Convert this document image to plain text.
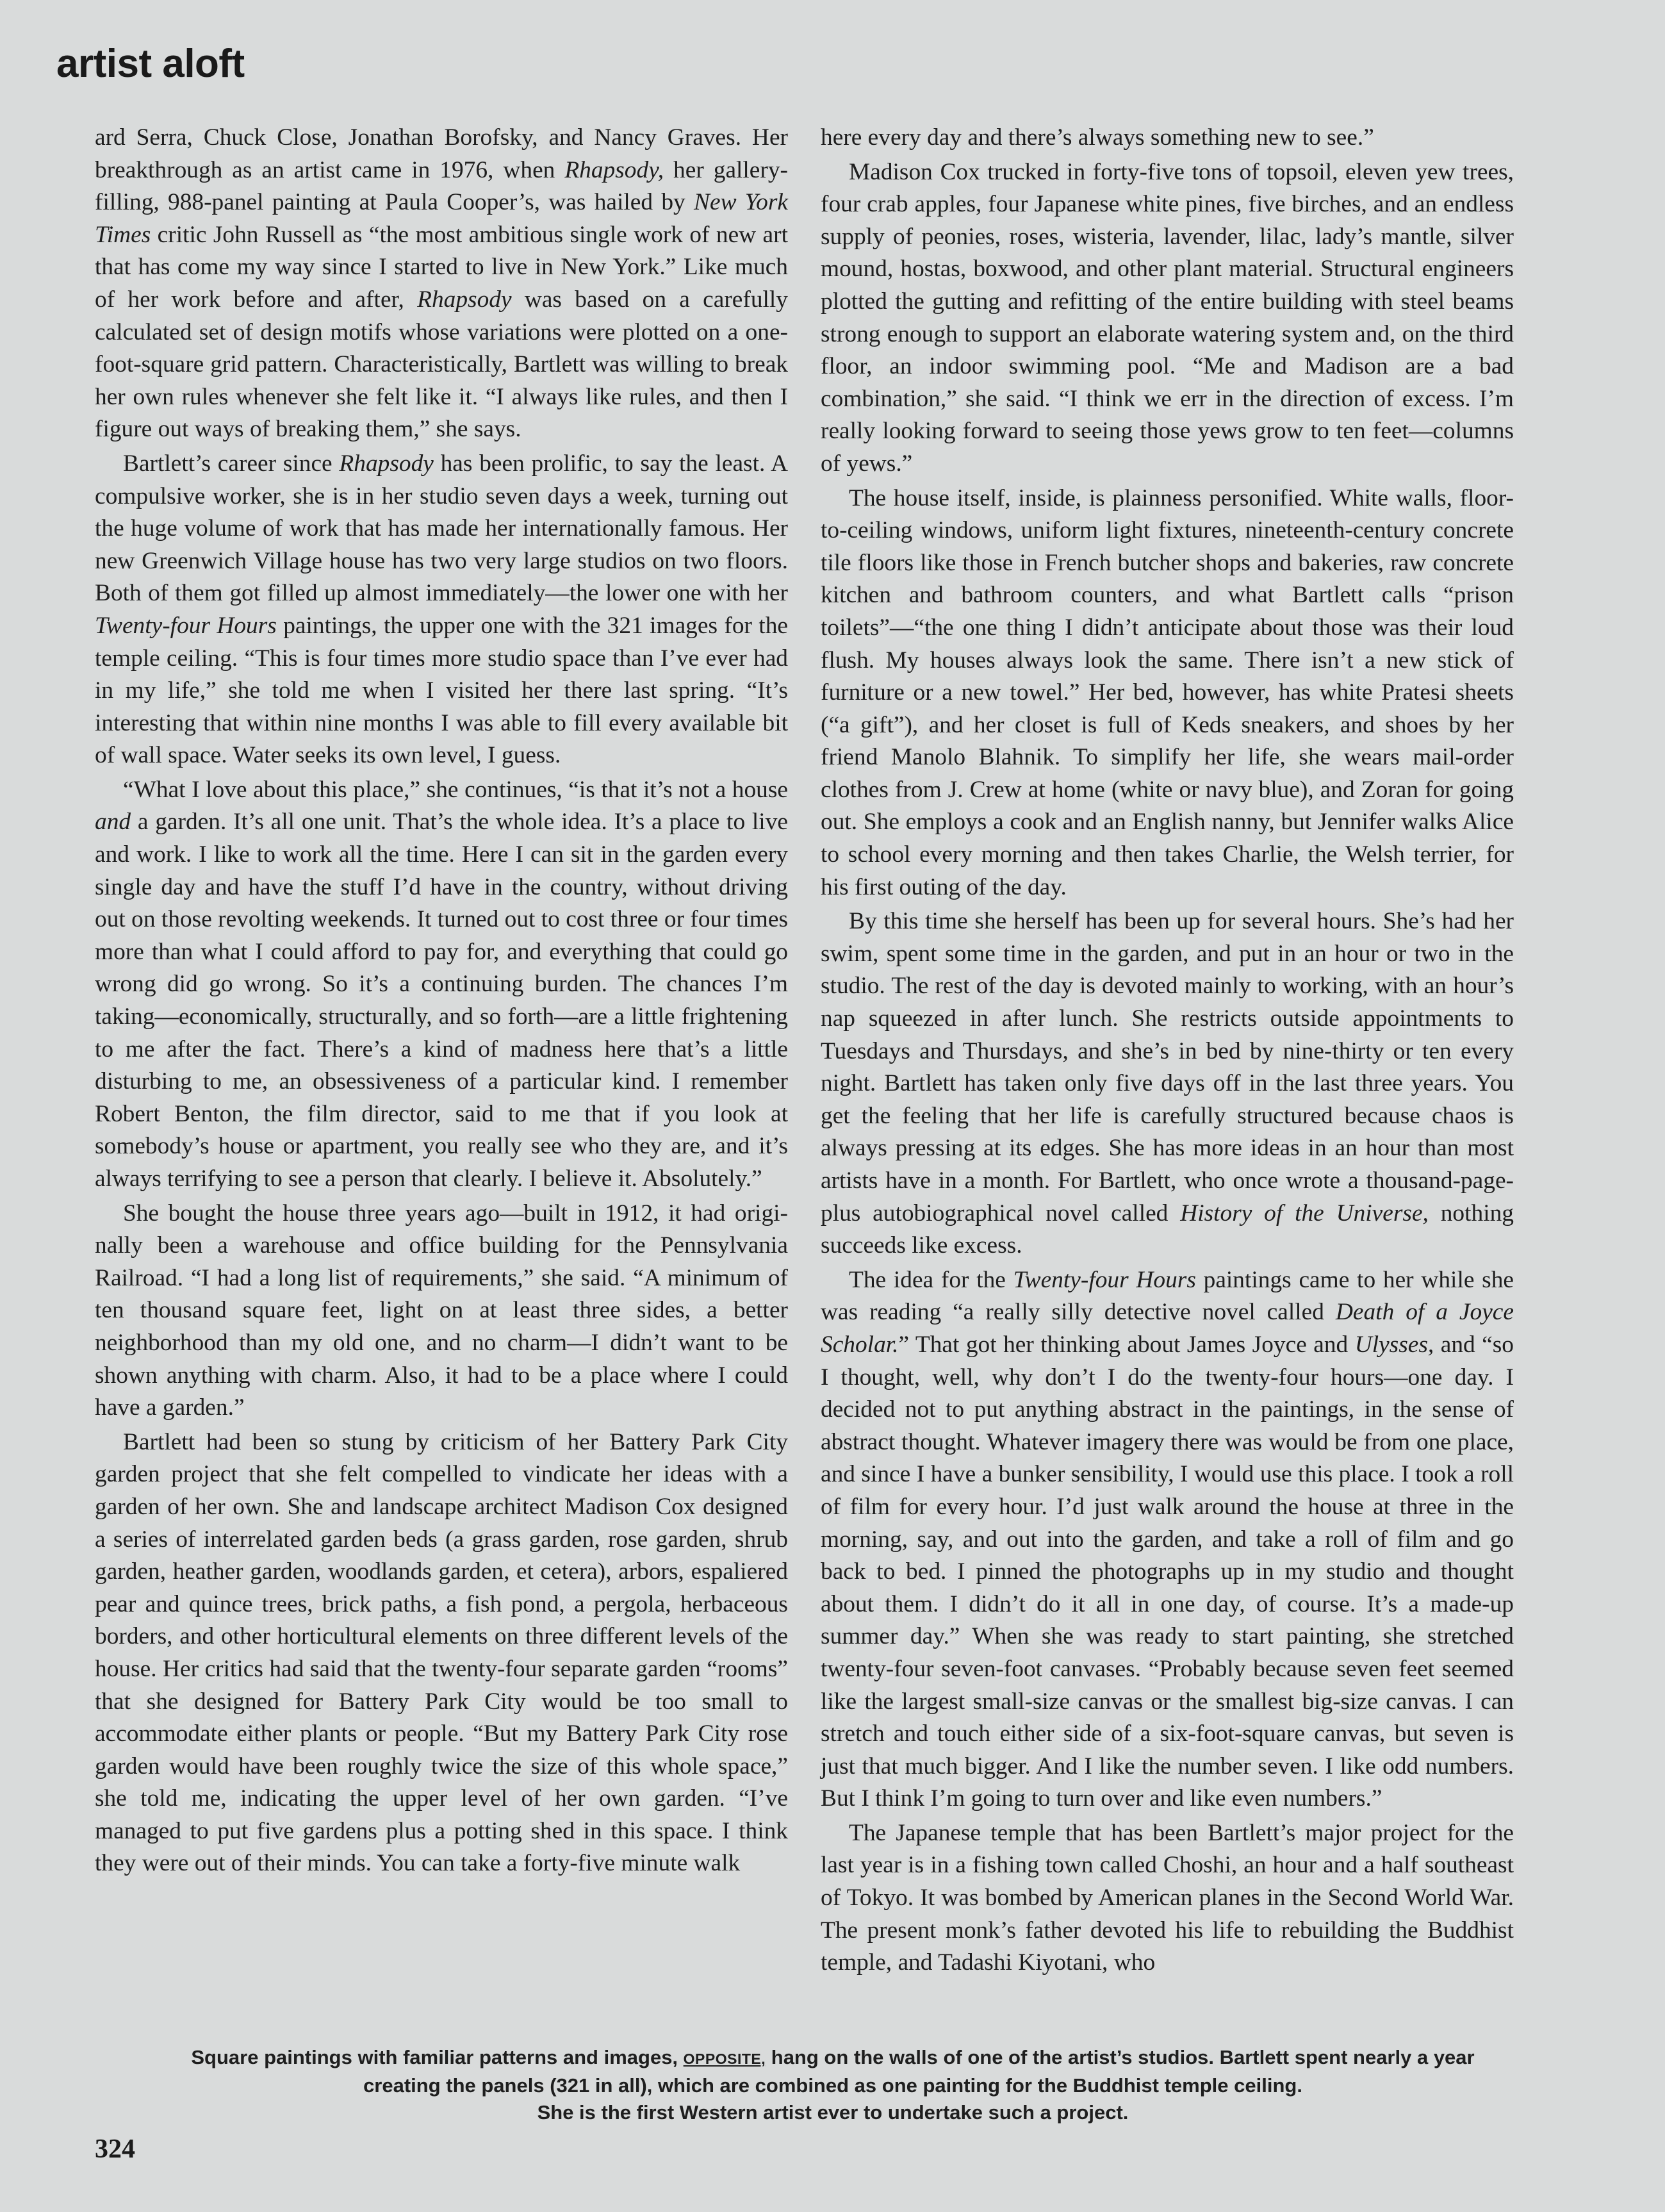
artist aloft

ard Serra, Chuck Close, Jonathan Borofsky, and Nancy Graves. Her breakthrough as an artist came in 1976, when Rhapsody, her gallery-filling, 988-panel painting at Paula Cooper’s, was hailed by New York Times critic John Russell as “the most ambitious single work of new art that has come my way since I started to live in New York.” Like much of her work before and after, Rhapsody was based on a carefully calculated set of design motifs whose variations were plotted on a one-foot-square grid pattern. Characteristically, Bartlett was willing to break her own rules whenever she felt like it. “I always like rules, and then I figure out ways of breaking them,” she says.

Bartlett’s career since Rhapsody has been prolific, to say the least. A compulsive worker, she is in her studio seven days a week, turning out the huge volume of work that has made her internationally famous. Her new Greenwich Village house has two very large studios on two floors. Both of them got filled up almost immediately—the lower one with her Twenty-four Hours paintings, the upper one with the 321 images for the temple ceiling. “This is four times more studio space than I’ve ever had in my life,” she told me when I visited her there last spring. “It’s interesting that within nine months I was able to fill every available bit of wall space. Water seeks its own level, I guess.

“What I love about this place,” she continues, “is that it’s not a house and a garden. It’s all one unit. That’s the whole idea. It’s a place to live and work. I like to work all the time. Here I can sit in the garden every single day and have the stuff I’d have in the country, without driving out on those revolting weekends. It turned out to cost three or four times more than what I could afford to pay for, and everything that could go wrong did go wrong. So it’s a continuing burden. The chances I’m taking—economically, structurally, and so forth—are a little frightening to me after the fact. There’s a kind of madness here that’s a little disturbing to me, an obsessiveness of a particular kind. I remember Robert Benton, the film director, said to me that if you look at somebody’s house or apartment, you really see who they are, and it’s always terrifying to see a person that clearly. I believe it. Absolutely.”

She bought the house three years ago—built in 1912, it had originally been a warehouse and office building for the Pennsylvania Railroad. “I had a long list of requirements,” she said. “A minimum of ten thousand square feet, light on at least three sides, a better neighborhood than my old one, and no charm—I didn’t want to be shown anything with charm. Also, it had to be a place where I could have a garden.”

Bartlett had been so stung by criticism of her Battery Park City garden project that she felt compelled to vindicate her ideas with a garden of her own. She and landscape architect Madison Cox designed a series of interrelated garden beds (a grass garden, rose garden, shrub garden, heather garden, woodlands garden, et cetera), arbors, espaliered pear and quince trees, brick paths, a fish pond, a pergola, herbaceous borders, and other horticultural elements on three different levels of the house. Her critics had said that the twenty-four separate garden “rooms” that she designed for Battery Park City would be too small to accommodate either plants or people. “But my Battery Park City rose garden would have been roughly twice the size of this whole space,” she told me, indicating the upper level of her own garden. “I’ve managed to put five gardens plus a potting shed in this space. I think they were out of their minds. You can take a forty-five minute walk

here every day and there’s always something new to see.”

Madison Cox trucked in forty-five tons of topsoil, eleven yew trees, four crab apples, four Japanese white pines, five birches, and an endless supply of peonies, roses, wisteria, lavender, lilac, lady’s mantle, silver mound, hostas, boxwood, and other plant material. Structural engineers plotted the gutting and refitting of the entire building with steel beams strong enough to support an elaborate watering system and, on the third floor, an indoor swimming pool. “Me and Madison are a bad combination,” she said. “I think we err in the direction of excess. I’m really looking forward to seeing those yews grow to ten feet—columns of yews.”

The house itself, inside, is plainness personified. White walls, floor-to-ceiling windows, uniform light fixtures, nineteenth-century concrete tile floors like those in French butcher shops and bakeries, raw concrete kitchen and bathroom counters, and what Bartlett calls “prison toilets”—“the one thing I didn’t anticipate about those was their loud flush. My houses always look the same. There isn’t a new stick of furniture or a new towel.” Her bed, however, has white Pratesi sheets (“a gift”), and her closet is full of Keds sneakers, and shoes by her friend Manolo Blahnik. To simplify her life, she wears mail-order clothes from J. Crew at home (white or navy blue), and Zoran for going out. She employs a cook and an English nanny, but Jennifer walks Alice to school every morning and then takes Charlie, the Welsh terrier, for his first outing of the day.

By this time she herself has been up for several hours. She’s had her swim, spent some time in the garden, and put in an hour or two in the studio. The rest of the day is devoted mainly to working, with an hour’s nap squeezed in after lunch. She restricts outside appointments to Tuesdays and Thursdays, and she’s in bed by nine-thirty or ten every night. Bartlett has taken only five days off in the last three years. You get the feeling that her life is carefully structured because chaos is always pressing at its edges. She has more ideas in an hour than most artists have in a month. For Bartlett, who once wrote a thousand-page-plus autobiographical novel called History of the Universe, nothing succeeds like excess.

The idea for the Twenty-four Hours paintings came to her while she was reading “a really silly detective novel called Death of a Joyce Scholar.” That got her thinking about James Joyce and Ulysses, and “so I thought, well, why don’t I do the twenty-four hours—one day. I decided not to put anything abstract in the paintings, in the sense of abstract thought. Whatever imagery there was would be from one place, and since I have a bunker sensibility, I would use this place. I took a roll of film for every hour. I’d just walk around the house at three in the morning, say, and out into the garden, and take a roll of film and go back to bed. I pinned the photographs up in my studio and thought about them. I didn’t do it all in one day, of course. It’s a made-up summer day.” When she was ready to start painting, she stretched twenty-four seven-foot canvases. “Probably because seven feet seemed like the largest small-size canvas or the smallest big-size canvas. I can stretch and touch either side of a six-foot-square canvas, but seven is just that much bigger. And I like the number seven. I like odd numbers. But I think I’m going to turn over and like even numbers.”

The Japanese temple that has been Bartlett’s major project for the last year is in a fishing town called Choshi, an hour and a half southeast of Tokyo. It was bombed by American planes in the Second World War. The present monk’s father devoted his life to rebuilding the Buddhist temple, and Tadashi Kiyotani, who

Square paintings with familiar patterns and images, OPPOSITE, hang on the walls of one of the artist’s studios. Bartlett spent nearly a year
creating the panels (321 in all), which are combined as one painting for the Buddhist temple ceiling.
She is the first Western artist ever to undertake such a project.
324
